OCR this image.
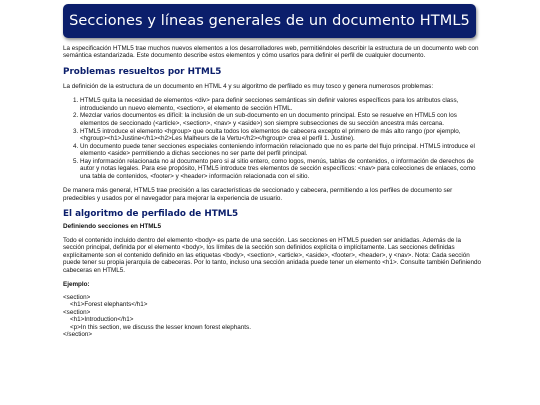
Secciones y líneas generales de un documento HTML5

La especificación HTML5 trae muchos nuevos elementos a los desarrolladores web, permitiéndoles describir la estructura de un documento web con semántica estandarizada. Este documento describe estos elementos y cómo usarlos para definir el perfil de cualquier documento.

Problemas resueltos por HTML5

La definición de la estructura de un documento en HTML 4 y su algoritmo de perfilado es muy tosco y genera numerosos problemas:

1. HTML5 quita la necesidad de elementos <div> para definir secciones semánticas sin definir valores específicos para los atributos class, introduciendo un nuevo elemento, <section>, el elemento de sección HTML.
2. Mezclar varios documentos es difícil: la inclusión de un sub-documento en un documento principal. Esto se resuelve en HTML5 con los elementos de seccionado (<article>, <section>, <nav> y <aside>) son siempre subsecciones de su sección ancestra más cercana.
3. HTML5 introduce el elemento <hgroup> que oculta todos los elementos de cabecera excepto el primero de más alto rango (por ejemplo, <hgroup><h1>Justine</h1><h2>Les Malheurs de la Vertu</h2></hgroup> crea el perfil 1. Justine).
4. Un documento puede tener secciones especiales conteniendo información relacionado que no es parte del flujo principal. HTML5 introduce el elemento <aside> permitiendo a dichas secciones no ser parte del perfil principal.
5. Hay información relacionada no al documento pero si al sitio entero, como logos, menús, tablas de contenidos, o información de derechos de autor y notas legales. Para ese propósito, HTML5 introduce tres elementos de sección específicos: <nav> para colecciones de enlaces, como una tabla de contenidos, <footer> y <header> información relacionada con el sitio.

De manera más general, HTML5 trae precisión a las características de seccionado y cabecera, permitiendo a los perfiles de documento ser predecibles y usados por el navegador para mejorar la experiencia de usuario.

El algoritmo de perfilado de HTML5
Definiendo secciones en HTML5

Todo el contenido incluido dentro del elemento <body> es parte de una sección. Las secciones en HTML5 pueden ser anidadas. Además de la sección principal, definida por el elemento <body>, los límites de la sección son definidos explícita o implícitamente. Las secciones definidas explícitamente son el contenido definido en las etiquetas <body>, <section>, <article>, <aside>, <footer>, <header>, y <nav>. Nota: Cada sección puede tener su propia jerarquía de cabeceras. Por lo tanto, incluso una sección anidada puede tener un elemento <h1>. Consulte también Definiendo cabeceras en HTML5.

Ejemplo:

<section>
<h1>Forest elephants</h1>
<section>
<h1>Introduction</h1>
<p>In this section, we discuss the lesser known forest elephants.
</section>
